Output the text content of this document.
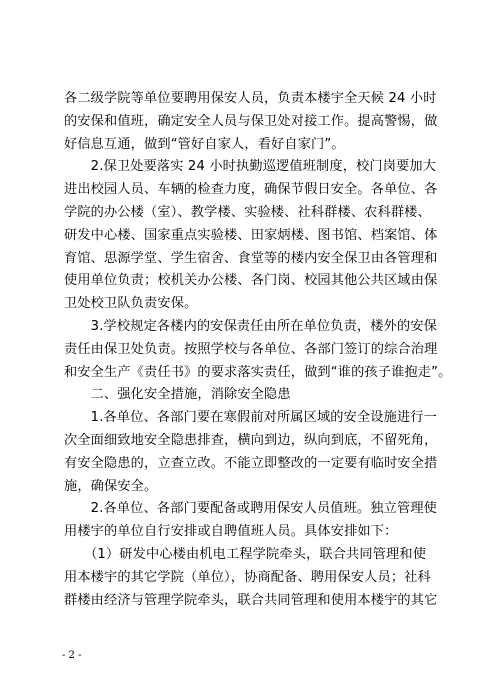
各二级学院等单位要聘用保安人员，负责本楼宇全天候 24 小时
的安保和值班，确定安全人员与保卫处对接工作。提高警惕，做
好信息互通，做到“管好自家人，看好自家门”。
　　2.保卫处要落实 24 小时执勤巡逻值班制度，校门岗要加大
进出校园人员、车辆的检查力度，确保节假日安全。各单位、各
学院的办公楼（室）、教学楼、实验楼、社科群楼、农科群楼、
研发中心楼、国家重点实验楼、田家炳楼、图书馆、档案馆、体
育馆、思源学堂、学生宿舍、食堂等的楼内安全保卫由各管理和
使用单位负责；校机关办公楼、各门岗、校园其他公共区域由保
卫处校卫队负责安保。
　　3.学校规定各楼内的安保责任由所在单位负责，楼外的安保
责任由保卫处负责。按照学校与各单位、各部门签订的综合治理
和安全生产《责任书》的要求落实责任，做到“谁的孩子谁抱走”。
　　二、强化安全措施，消除安全隐患
　　1.各单位、各部门要在寒假前对所属区域的安全设施进行一
次全面细致地安全隐患排查，横向到边，纵向到底，不留死角，
有安全隐患的，立查立改。不能立即整改的一定要有临时安全措
施，确保安全。
　　2.各单位、各部门要配备或聘用保安人员值班。独立管理使
用楼宇的单位自行安排或自聘值班人员。具体安排如下：
　　（1）研发中心楼由机电工程学院牵头，联合共同管理和使
用本楼宇的其它学院（单位），协商配备、聘用保安人员；社科
群楼由经济与管理学院牵头，联合共同管理和使用本楼宇的其它
- 2 -
